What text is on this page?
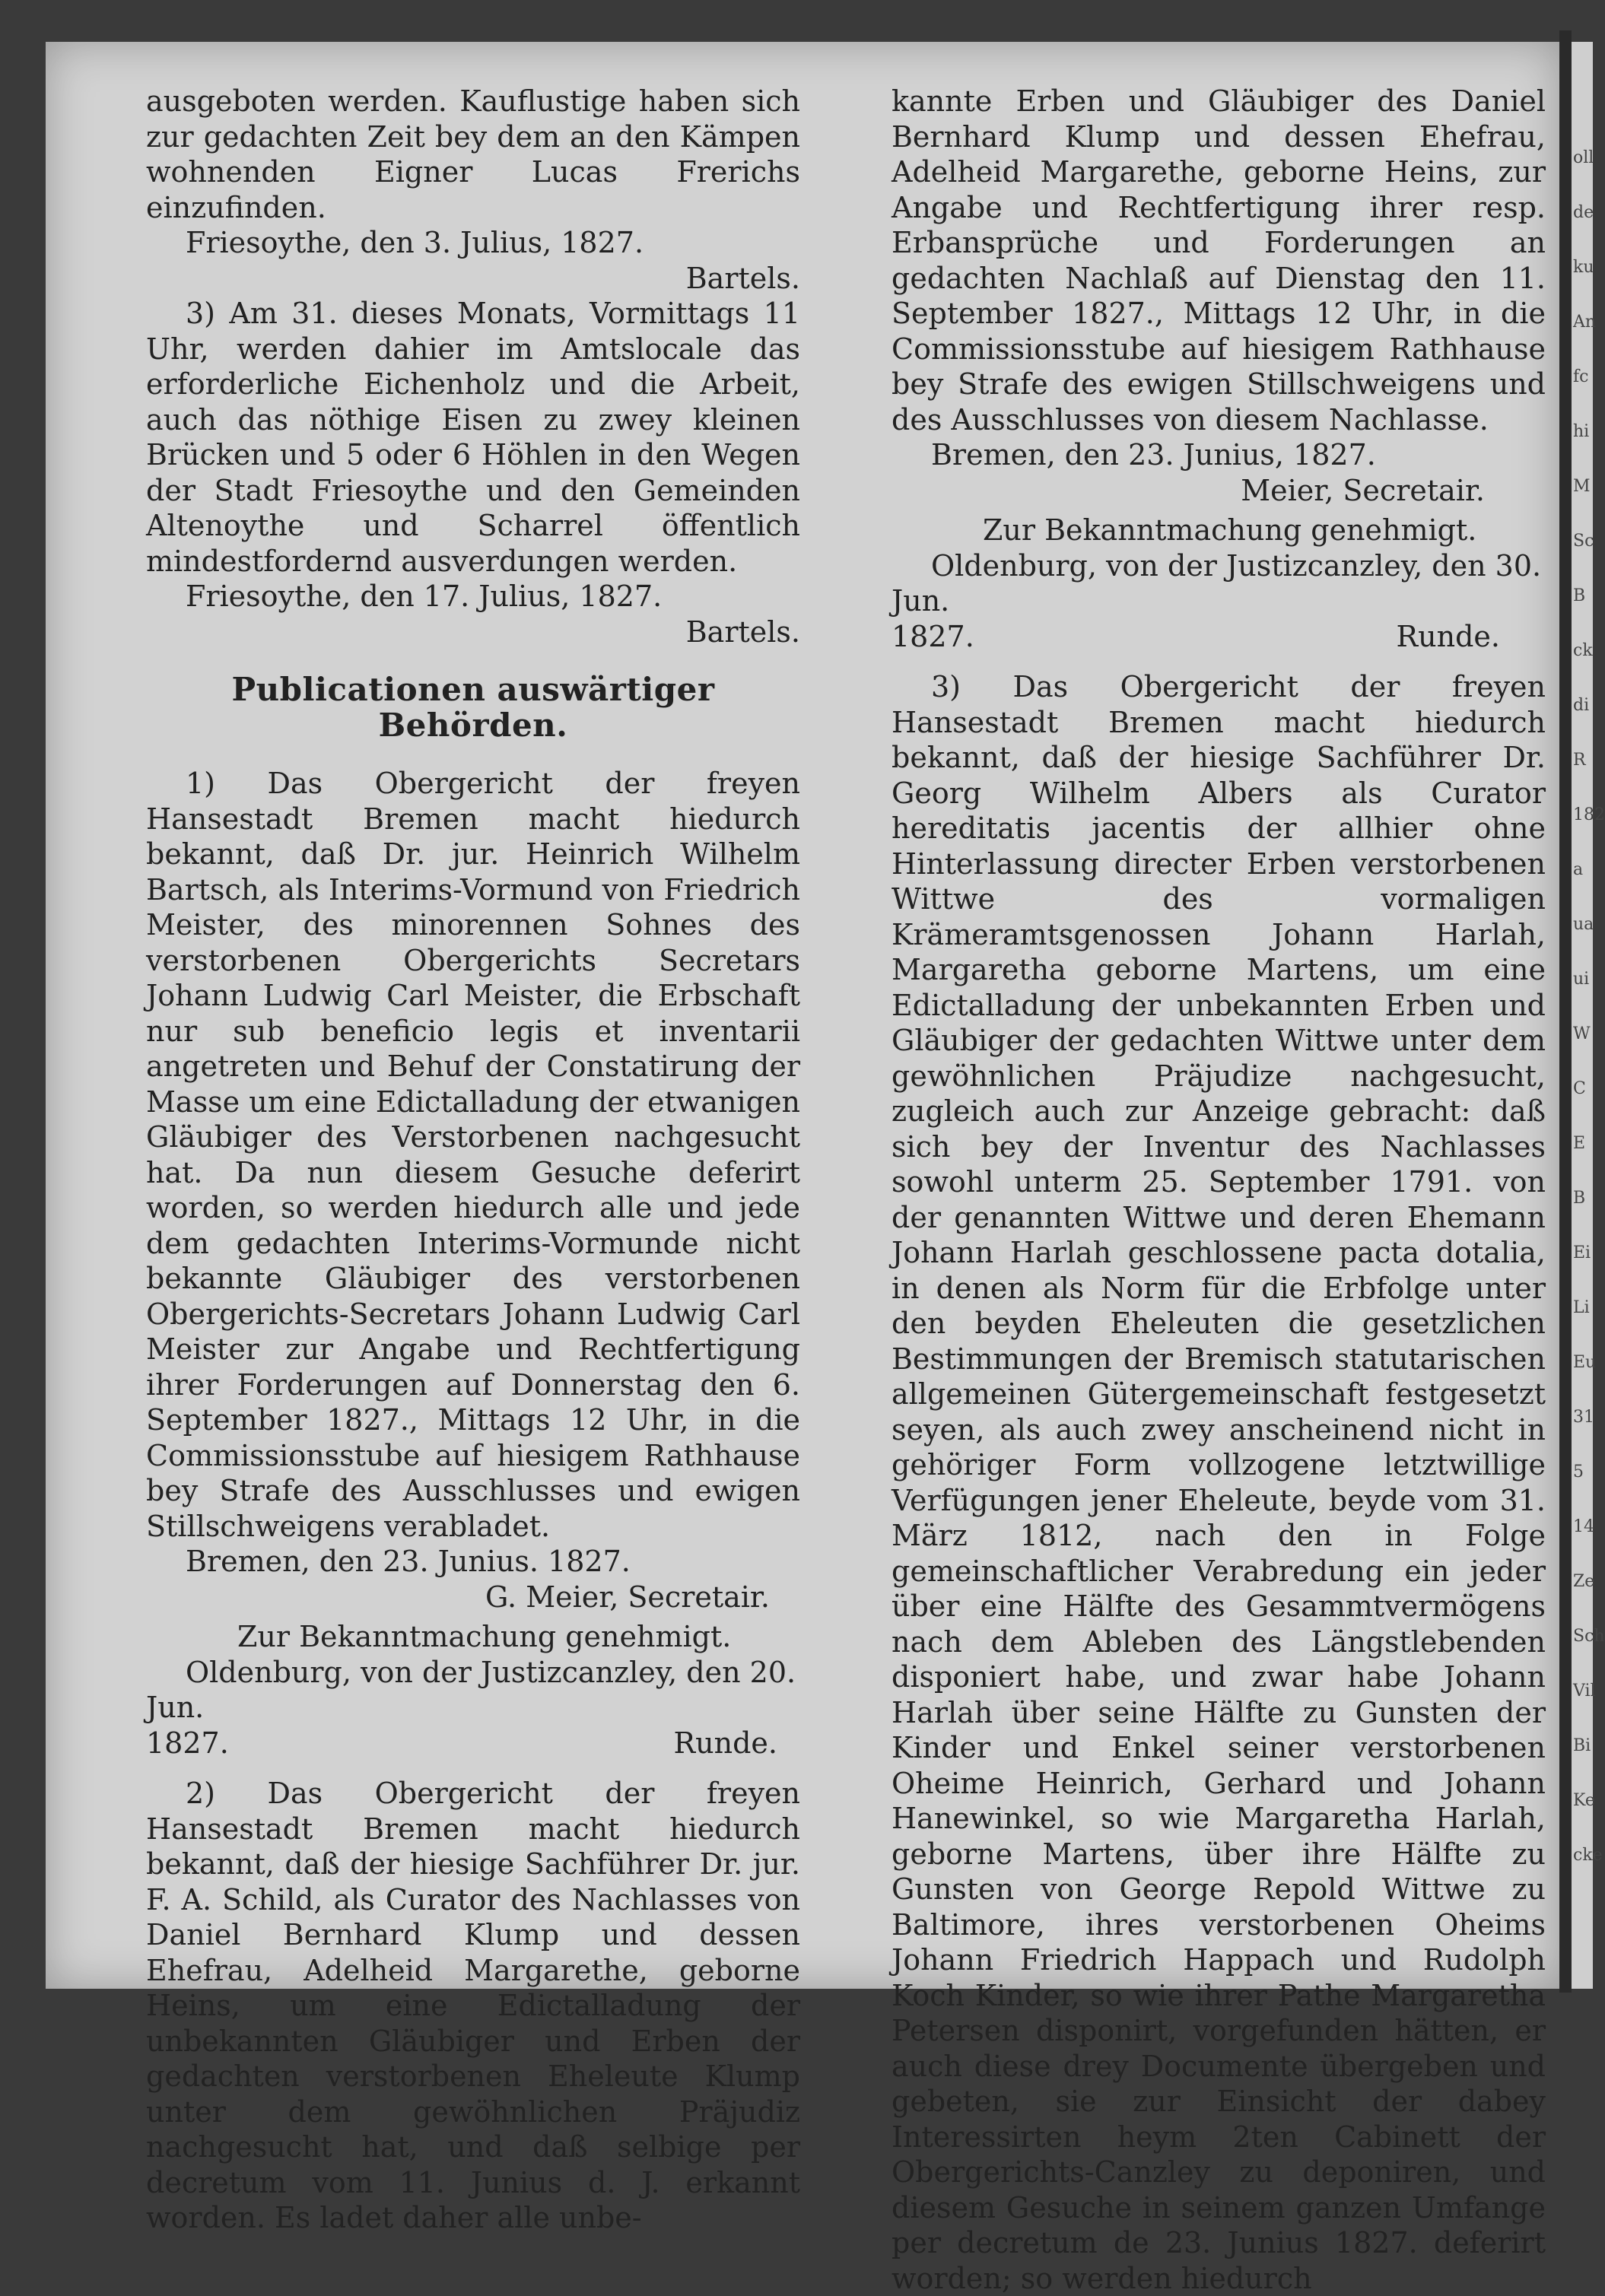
oll
de
ku
An
fc
hi
M
Sc
B
ck
di
R
182
a
ua
ui
W
C
E
B
Ei
Li
Eu
31
5
14
Ze
Sch
Vil
Bi
Ke
cke

ausgeboten werden. Kauflustige haben sich zur gedachten Zeit bey dem an den Kämpen wohnenden Eigner Lucas Frerichs einzufinden.

Friesoythe, den 3. Julius, 1827.

Bartels.

3) Am 31. dieses Monats, Vormittags 11 Uhr, werden dahier im Amtslocale das erforderliche Eichenholz und die Arbeit, auch das nöthige Eisen zu zwey kleinen Brücken und 5 oder 6 Höhlen in den Wegen der Stadt Friesoythe und den Gemeinden Altenoythe und Scharrel öffentlich mindestfordernd ausverdungen werden.

Friesoythe, den 17. Julius, 1827.

Bartels.

Publicationen auswärtiger Behörden.

1) Das Obergericht der freyen Hansestadt Bremen macht hiedurch bekannt, daß Dr. jur. Heinrich Wilhelm Bartsch, als Interims-Vormund von Friedrich Meister, des minorennen Sohnes des verstorbenen Obergerichts Secretars Johann Ludwig Carl Meister, die Erbschaft nur sub beneficio legis et inventarii angetreten und Behuf der Constatirung der Masse um eine Edictalladung der etwanigen Gläubiger des Verstorbenen nachgesucht hat. Da nun diesem Gesuche deferirt worden, so werden hiedurch alle und jede dem gedachten Interims-Vormunde nicht bekannte Gläubiger des verstorbenen Obergerichts-Secretars Johann Ludwig Carl Meister zur Angabe und Rechtfertigung ihrer Forderungen auf Donnerstag den 6. September 1827., Mittags 12 Uhr, in die Commissionsstube auf hiesigem Rathhause bey Strafe des Ausschlusses und ewigen Stillschweigens verabladet.

Bremen, den 23. Junius. 1827.

G. Meier, Secretair.

Zur Bekanntmachung genehmigt.

Oldenburg, von der Justizcanzley, den 20. Jun.

1827.	Runde.

2) Das Obergericht der freyen Hansestadt Bremen macht hiedurch bekannt, daß der hiesige Sachführer Dr. jur. F. A. Schild, als Curator des Nachlasses von Daniel Bernhard Klump und dessen Ehefrau, Adelheid Margarethe, geborne Heins, um eine Edictalladung der unbekannten Gläubiger und Erben der gedachten verstorbenen Eheleute Klump unter dem gewöhnlichen Präjudiz nachgesucht hat, und daß selbige per decretum vom 11. Junius d. J. erkannt worden. Es ladet daher alle unbe-

kannte Erben und Gläubiger des Daniel Bernhard Klump und dessen Ehefrau, Adelheid Margarethe, geborne Heins, zur Angabe und Rechtfertigung ihrer resp. Erbansprüche und Forderungen an gedachten Nachlaß auf Dienstag den 11. September 1827., Mittags 12 Uhr, in die Commissionsstube auf hiesigem Rathhause bey Strafe des ewigen Stillschweigens und des Ausschlusses von diesem Nachlasse.

Bremen, den 23. Junius, 1827.

Meier, Secretair.

Zur Bekanntmachung genehmigt.

Oldenburg, von der Justizcanzley, den 30. Jun.

1827.	Runde.

3) Das Obergericht der freyen Hansestadt Bremen macht hiedurch bekannt, daß der hiesige Sachführer Dr. Georg Wilhelm Albers als Curator hereditatis jacentis der allhier ohne Hinterlassung directer Erben verstorbenen Wittwe des vormaligen Krämeramtsgenossen Johann Harlah, Margaretha geborne Martens, um eine Edictalladung der unbekannten Erben und Gläubiger der gedachten Wittwe unter dem gewöhnlichen Präjudize nachgesucht, zugleich auch zur Anzeige gebracht: daß sich bey der Inventur des Nachlasses sowohl unterm 25. September 1791. von der genannten Wittwe und deren Ehemann Johann Harlah geschlossene pacta dotalia, in denen als Norm für die Erbfolge unter den beyden Eheleuten die gesetzlichen Bestimmungen der Bremisch statutarischen allgemeinen Gütergemeinschaft festgesetzt seyen, als auch zwey anscheinend nicht in gehöriger Form vollzogene letztwillige Verfügungen jener Eheleute, beyde vom 31. März 1812, nach den in Folge gemeinschaftlicher Verabredung ein jeder über eine Hälfte des Gesammtvermögens nach dem Ableben des Längstlebenden disponiert habe, und zwar habe Johann Harlah über seine Hälfte zu Gunsten der Kinder und Enkel seiner verstorbenen Oheime Heinrich, Gerhard und Johann Hanewinkel, so wie Margaretha Harlah, geborne Martens, über ihre Hälfte zu Gunsten von George Repold Wittwe zu Baltimore, ihres verstorbenen Oheims Johann Friedrich Happach und Rudolph Koch Kinder, so wie ihrer Pathe Margaretha Petersen disponirt, vorgefunden hätten, er auch diese drey Documente übergeben und gebeten, sie zur Einsicht der dabey Interessirten heym 2ten Cabinett der Obergerichts-Canzley zu deponiren, und diesem Gesuche in seinem ganzen Umfange per decretum de 23. Junius 1827. deferirt worden; so werden hiedurch
